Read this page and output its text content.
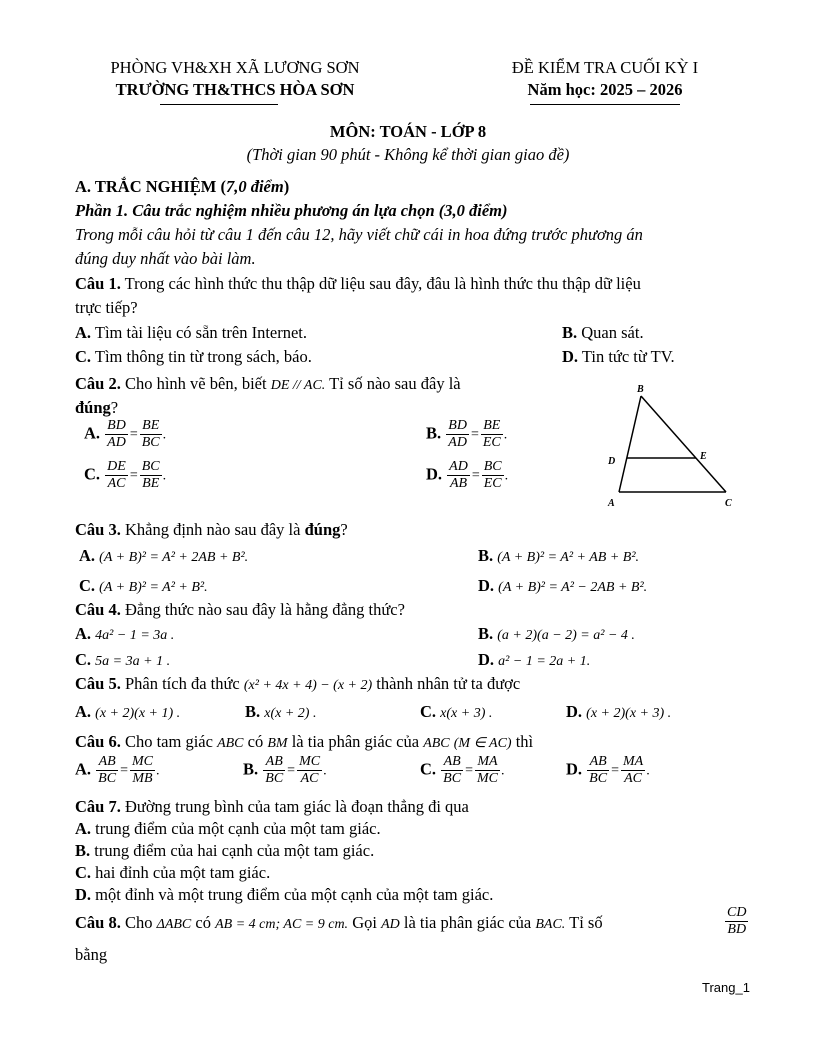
PHÒNG VH&XH XÃ LƯƠNG SƠN
TRƯỜNG TH&THCS HÒA SƠN
ĐỀ KIỂM TRA CUỐI KỲ I
Năm học: 2025 – 2026
MÔN: TOÁN - LỚP 8
(Thời gian 90 phút - Không kể thời gian giao đề)
A. TRẮC NGHIỆM (7,0 điểm)
Phần 1. Câu trắc nghiệm nhiều phương án lựa chọn (3,0 điểm)
Trong mỗi câu hỏi từ câu 1 đến câu 12, hãy viết chữ cái in hoa đứng trước phương án
đúng duy nhất vào bài làm.
Câu 1. Trong các hình thức thu thập dữ liệu sau đây, đâu là hình thức thu thập dữ liệu
trực tiếp?
A. Tìm tài liệu có sẵn trên Internet.	B. Quan sát.
C. Tìm thông tin từ trong sách, báo.	D. Tin tức từ TV.
Câu 2. Cho hình vẽ bên, biết DE // AC. Tỉ số nào sau đây là
đúng?
A. $\frac{BD}{AD} = \frac{BE}{BC}$ .	B. $\frac{BD}{AD} = \frac{BE}{EC}$ .
C. $\frac{DE}{AC} = \frac{BC}{BE}$ .	D. $\frac{AD}{AB} = \frac{BC}{EC}$ .
B
D	E
A	C
Câu 3. Khẳng định nào sau đây là đúng?
A. (A + B)² = A² + 2AB + B².	B. (A + B)² = A² + AB + B².
C. (A + B)² = A² + B².	D. (A + B)² = A² − 2AB + B².
Câu 4. Đẳng thức nào sau đây là hằng đẳng thức?
A. 4a² − 1 = 3a .	B. (a + 2)(a − 2) = a² − 4 .
C. 5a = 3a + 1 .	D. a² − 1 = 2a + 1.
Câu 5. Phân tích đa thức (x² + 4x + 4) − (x + 2) thành nhân tử ta được
A. (x + 2)(x + 1) .	B. x(x + 2) .	C. x(x + 3) .	D. (x + 2)(x + 3) .
Câu 6. Cho tam giác ABC có BM là tia phân giác của ABC (M ∈ AC) thì
A. $\frac{AB}{BC} = \frac{MC}{MB}$ .	B. $\frac{AB}{BC} = \frac{MC}{AC}$ .	C. $\frac{AB}{BC} = \frac{MA}{MC}$ .	D. $\frac{AB}{BC} = \frac{MA}{AC}$ .
Câu 7. Đường trung bình của tam giác là đoạn thẳng đi qua
A. trung điểm của một cạnh của một tam giác.
B. trung điểm của hai cạnh của một tam giác.
C. hai đỉnh của một tam giác.
D. một đỉnh và một trung điểm của một cạnh của một tam giác.
Câu 8. Cho ΔABC có AB = 4 cm; AC = 9 cm. Gọi AD là tia phân giác của BAC. Tỉ số	$\frac{CD}{BD}$
bằng
Trang_1
